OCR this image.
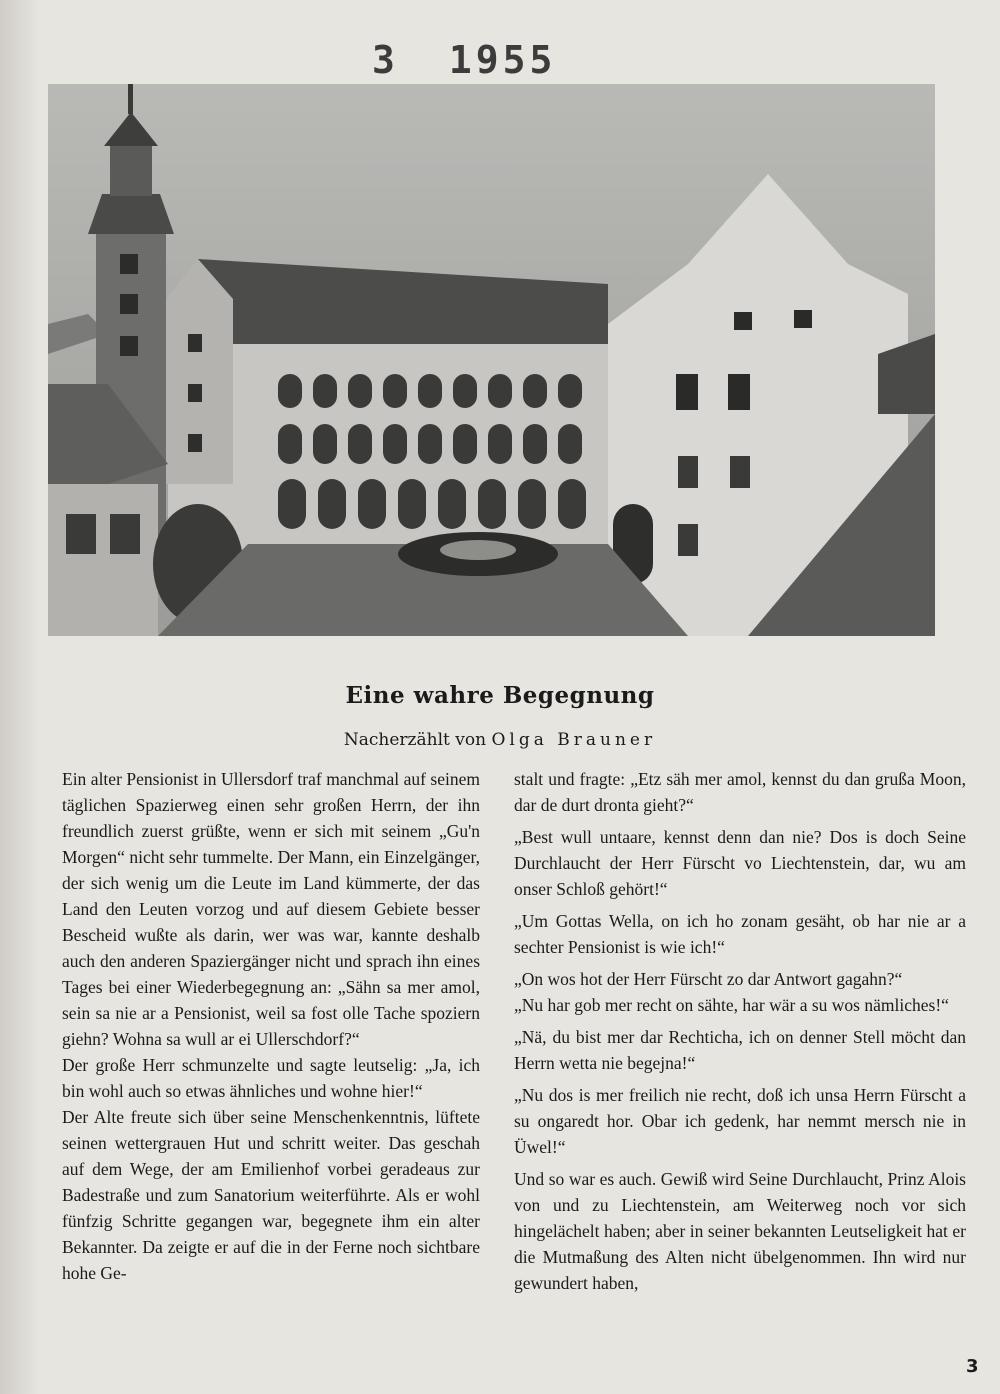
3 1955
Eine wahre Begegnung
Nacherzählt von Olga Brauner

Ein alter Pensionist in Ullersdorf traf manchmal auf seinem täglichen Spazierweg einen sehr großen Herrn, der ihn freundlich zuerst grüßte, wenn er sich mit seinem „Gu'n Morgen“ nicht sehr tummelte. Der Mann, ein Einzelgänger, der sich wenig um die Leute im Land kümmerte, der das Land den Leuten vorzog und auf diesem Gebiete besser Bescheid wußte als darin, wer was war, kannte deshalb auch den anderen Spaziergänger nicht und sprach ihn eines Tages bei einer Wiederbegegnung an: „Sähn sa mer amol, sein sa nie ar a Pensionist, weil sa fost olle Tache spoziern giehn? Wohna sa wull ar ei Ullerschdorf?“

Der große Herr schmunzelte und sagte leutselig: „Ja, ich bin wohl auch so etwas ähnliches und wohne hier!“

Der Alte freute sich über seine Menschenkenntnis, lüftete seinen wettergrauen Hut und schritt weiter. Das geschah auf dem Wege, der am Emilienhof vorbei geradeaus zur Badestraße und zum Sanatorium weiterführte. Als er wohl fünfzig Schritte gegangen war, begegnete ihm ein alter Bekannter. Da zeigte er auf die in der Ferne noch sichtbare hohe Ge-

stalt und fragte: „Etz säh mer amol, kennst du dan grußa Moon, dar de durt dronta gieht?“

„Best wull untaare, kennst denn dan nie? Dos is doch Seine Durchlaucht der Herr Fürscht vo Liechtenstein, dar, wu am onser Schloß gehört!“

„Um Gottas Wella, on ich ho zonam gesäht, ob har nie ar a sechter Pensionist is wie ich!“

„On wos hot der Herr Fürscht zo dar Antwort gagahn?“

„Nu har gob mer recht on sähte, har wär a su wos nämliches!“

„Nä, du bist mer dar Rechticha, ich on denner Stell möcht dan Herrn wetta nie begejna!“

„Nu dos is mer freilich nie recht, doß ich unsa Herrn Fürscht a su ongaredt hor. Obar ich gedenk, har nemmt mersch nie in Üwel!“

Und so war es auch. Gewiß wird Seine Durchlaucht, Prinz Alois von und zu Liechtenstein, am Weiterweg noch vor sich hingelächelt haben; aber in seiner bekannten Leutseligkeit hat er die Mutmaßung des Alten nicht übelgenommen. Ihn wird nur gewundert haben,

3
